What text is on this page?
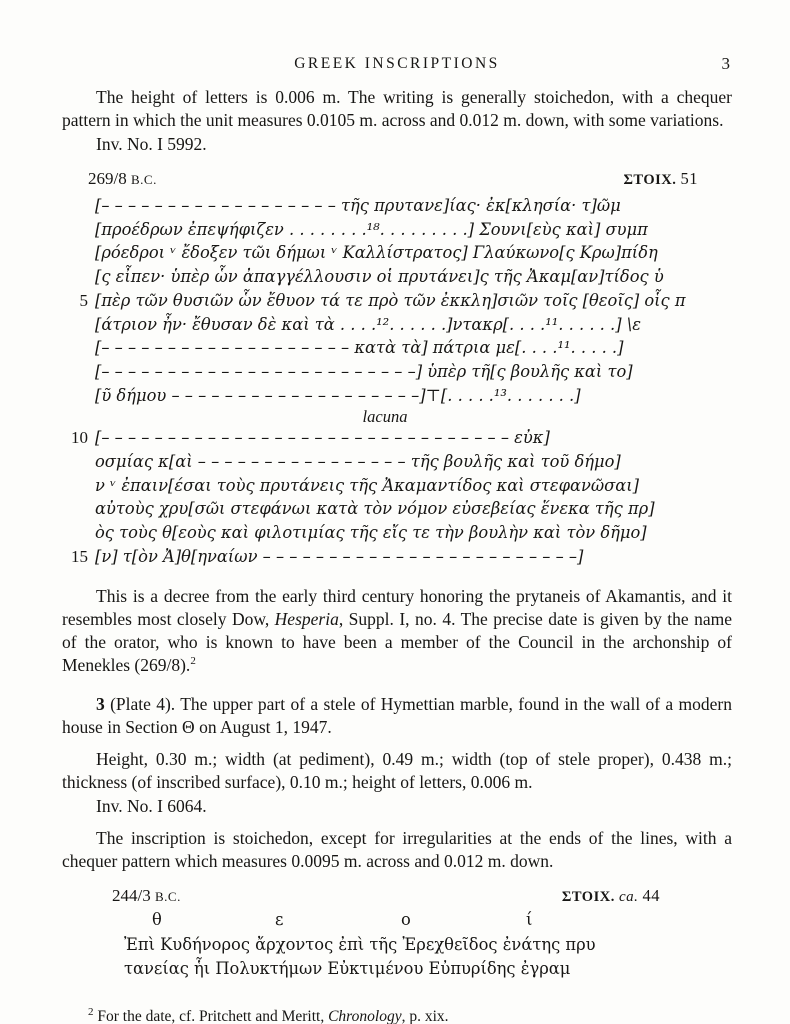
GREEK INSCRIPTIONS	3

The height of letters is 0.006 m. The writing is generally stoichedon, with a chequer pattern in which the unit measures 0.0105 m. across and 0.012 m. down, with some variations.

Inv. No. I 5992.
269/8 B.C.	ΣΤΟΙΧ. 51
[– – – – – – – – – – – – – – – – – – τῆς πρυτανε]ίας· ἐκ[κλησία· τ]ῶμ
[προέδρων ἐπεψήφιζεν . . . . . . . .¹⁸. . . . . . . . .] Σουνι[εὺς καὶ] συμπ
[ρόεδροι ᵛ ἔδοξεν τῶι δήμωι ᵛ Καλλίστρατος] Γλαύκωνο[ς Κρω]πίδη
[ς εἶπεν· ὑπὲρ ὧν ἀπαγγέλλουσιν οἱ πρυτάνει]ς τῆς Ἀκαμ[αν]τίδος ὑ
5 [πὲρ τῶν θυσιῶν ὧν ἔθυον τά τε πρὸ τῶν ἐκκλη]σιῶν τοῖς [θεοῖς] οἷς π
[άτριον ἦν· ἔθυσαν δὲ καὶ τὰ . . . .¹². . . . . .]ντακρ[. . . .¹¹. . . . . .] \ε
[– – – – – – – – – – – – – – – – – – – κατὰ τὰ] πάτρια με[. . . .¹¹. . . . .]
[– – – – – – – – – – – – – – – – – – – – – – – –] ὑπὲρ τῆ[ς βουλῆς καὶ το]
[ῦ δήμου – – – – – – – – – – – – – – – – – – –]⊤[. . . . .¹³. . . . . . .]
lacuna
10 [– – – – – – – – – – – – – – – – – – – – – – – – – – – – – – – εὐκ]
οσμίας κ[αὶ – – – – – – – – – – – – – – – – τῆς βουλῆς καὶ τοῦ δήμο]
ν ᵛ ἐπαιν[έσαι τοὺς πρυτάνεις τῆς Ἀκαμαντίδος καὶ στεφανῶσαι]
αὐτοὺς χρυ[σῶι στεφάνωι κατὰ τὸν νόμον εὐσεβείας ἕνεκα τῆς πρ]
ὸς τοὺς θ[εοὺς καὶ φιλοτιμίας τῆς εἴς τε τὴν βουλὴν καὶ τὸν δῆμο]
15 [ν] τ[ὸν Ἀ]θ[ηναίων – – – – – – – – – – – – – – – – – – – – – – – –]

This is a decree from the early third century honoring the prytaneis of Akamantis, and it resembles most closely Dow, Hesperia, Suppl. I, no. 4. The precise date is given by the name of the orator, who is known to have been a member of the Council in the archonship of Menekles (269/8).$^2$

3 (Plate 4). The upper part of a stele of Hymettian marble, found in the wall of a modern house in Section Θ on August 1, 1947.

Height, 0.30 m.; width (at pediment), 0.49 m.; width (top of stele proper), 0.438 m.; thickness (of inscribed surface), 0.10 m.; height of letters, 0.006 m.

Inv. No. I 6064.

The inscription is stoichedon, except for irregularities at the ends of the lines, with a chequer pattern which measures 0.0095 m. across and 0.012 m. down.

244/3 B.C.	ΣΤΟΙΧ. ca. 44
θ	ε	ο	ί
Ἐπὶ Κυδήνορος ἄρχοντος ἐπὶ τῆς Ἐρεχθεῖδος ἐνάτης πρυ
τανείας ἧι Πολυκτήμων Εὐκτιμένου Εὐπυρίδης ἐγραμ
$^2$ For the date, cf. Pritchett and Meritt, Chronology, p. xix.
